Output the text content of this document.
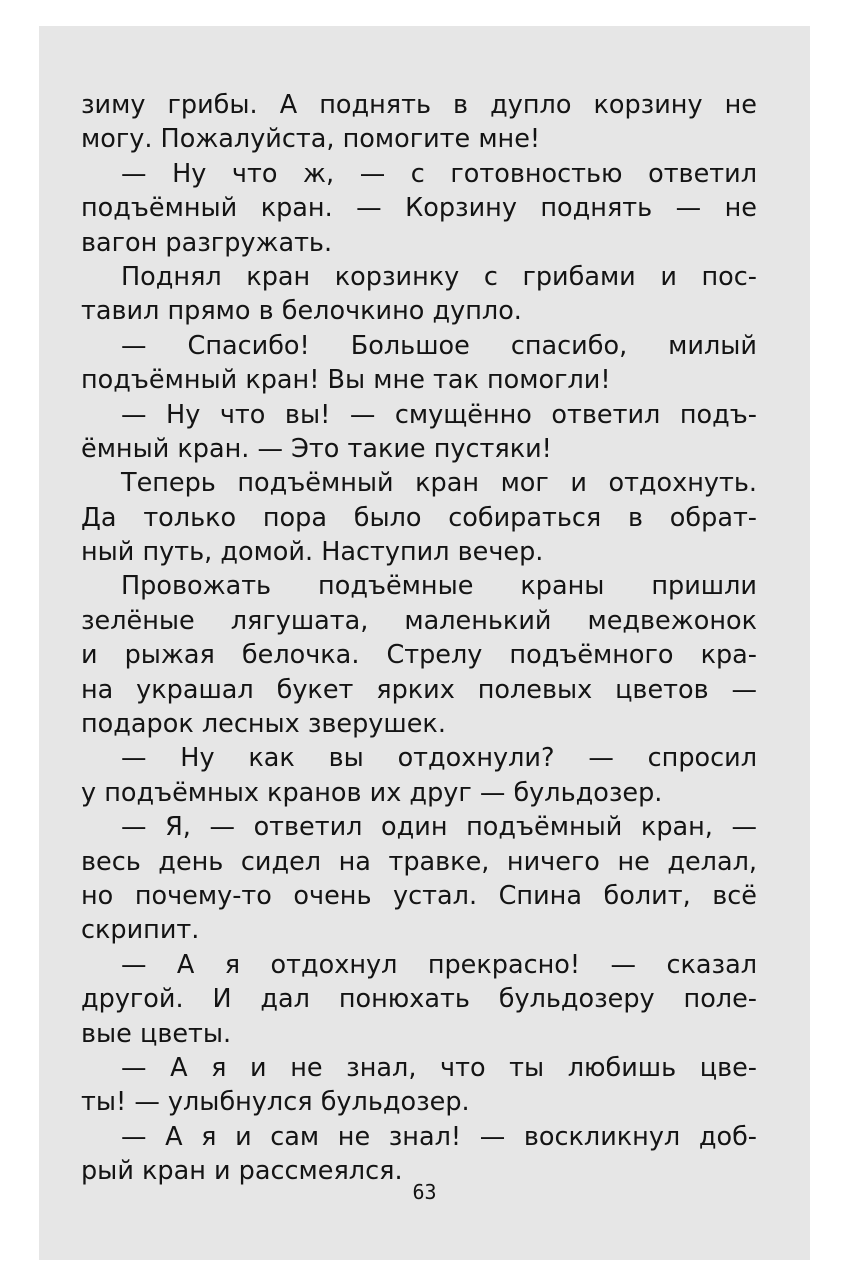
зиму грибы. А поднять в дупло корзину не
могу. Пожалуйста, помогите мне!
— Ну что ж, — с готовностью ответил
подъёмный кран. — Корзину поднять — не
вагон разгружать.
Поднял кран корзинку с грибами и пос-
тавил прямо в белочкино дупло.
— Спасибо! Большое спасибо, милый
подъёмный кран! Вы мне так помогли!
— Ну что вы! — смущённо ответил подъ-
ёмный кран. — Это такие пустяки!
Теперь подъёмный кран мог и отдохнуть.
Да только пора было собираться в обрат-
ный путь, домой. Наступил вечер.
Провожать подъёмные краны пришли
зелёные лягушата, маленький медвежонок
и рыжая белочка. Стрелу подъёмного кра-
на украшал букет ярких полевых цветов —
подарок лесных зверушек.
— Ну как вы отдохнули? — спросил
у подъёмных кранов их друг — бульдозер.
— Я, — ответил один подъёмный кран, —
весь день сидел на травке, ничего не делал,
но почему-то очень устал. Спина болит, всё
скрипит.
— А я отдохнул прекрасно! — сказал
другой. И дал понюхать бульдозеру поле-
вые цветы.
— А я и не знал, что ты любишь цве-
ты! — улыбнулся бульдозер.
— А я и сам не знал! — воскликнул доб-
рый кран и рассмеялся.
63
